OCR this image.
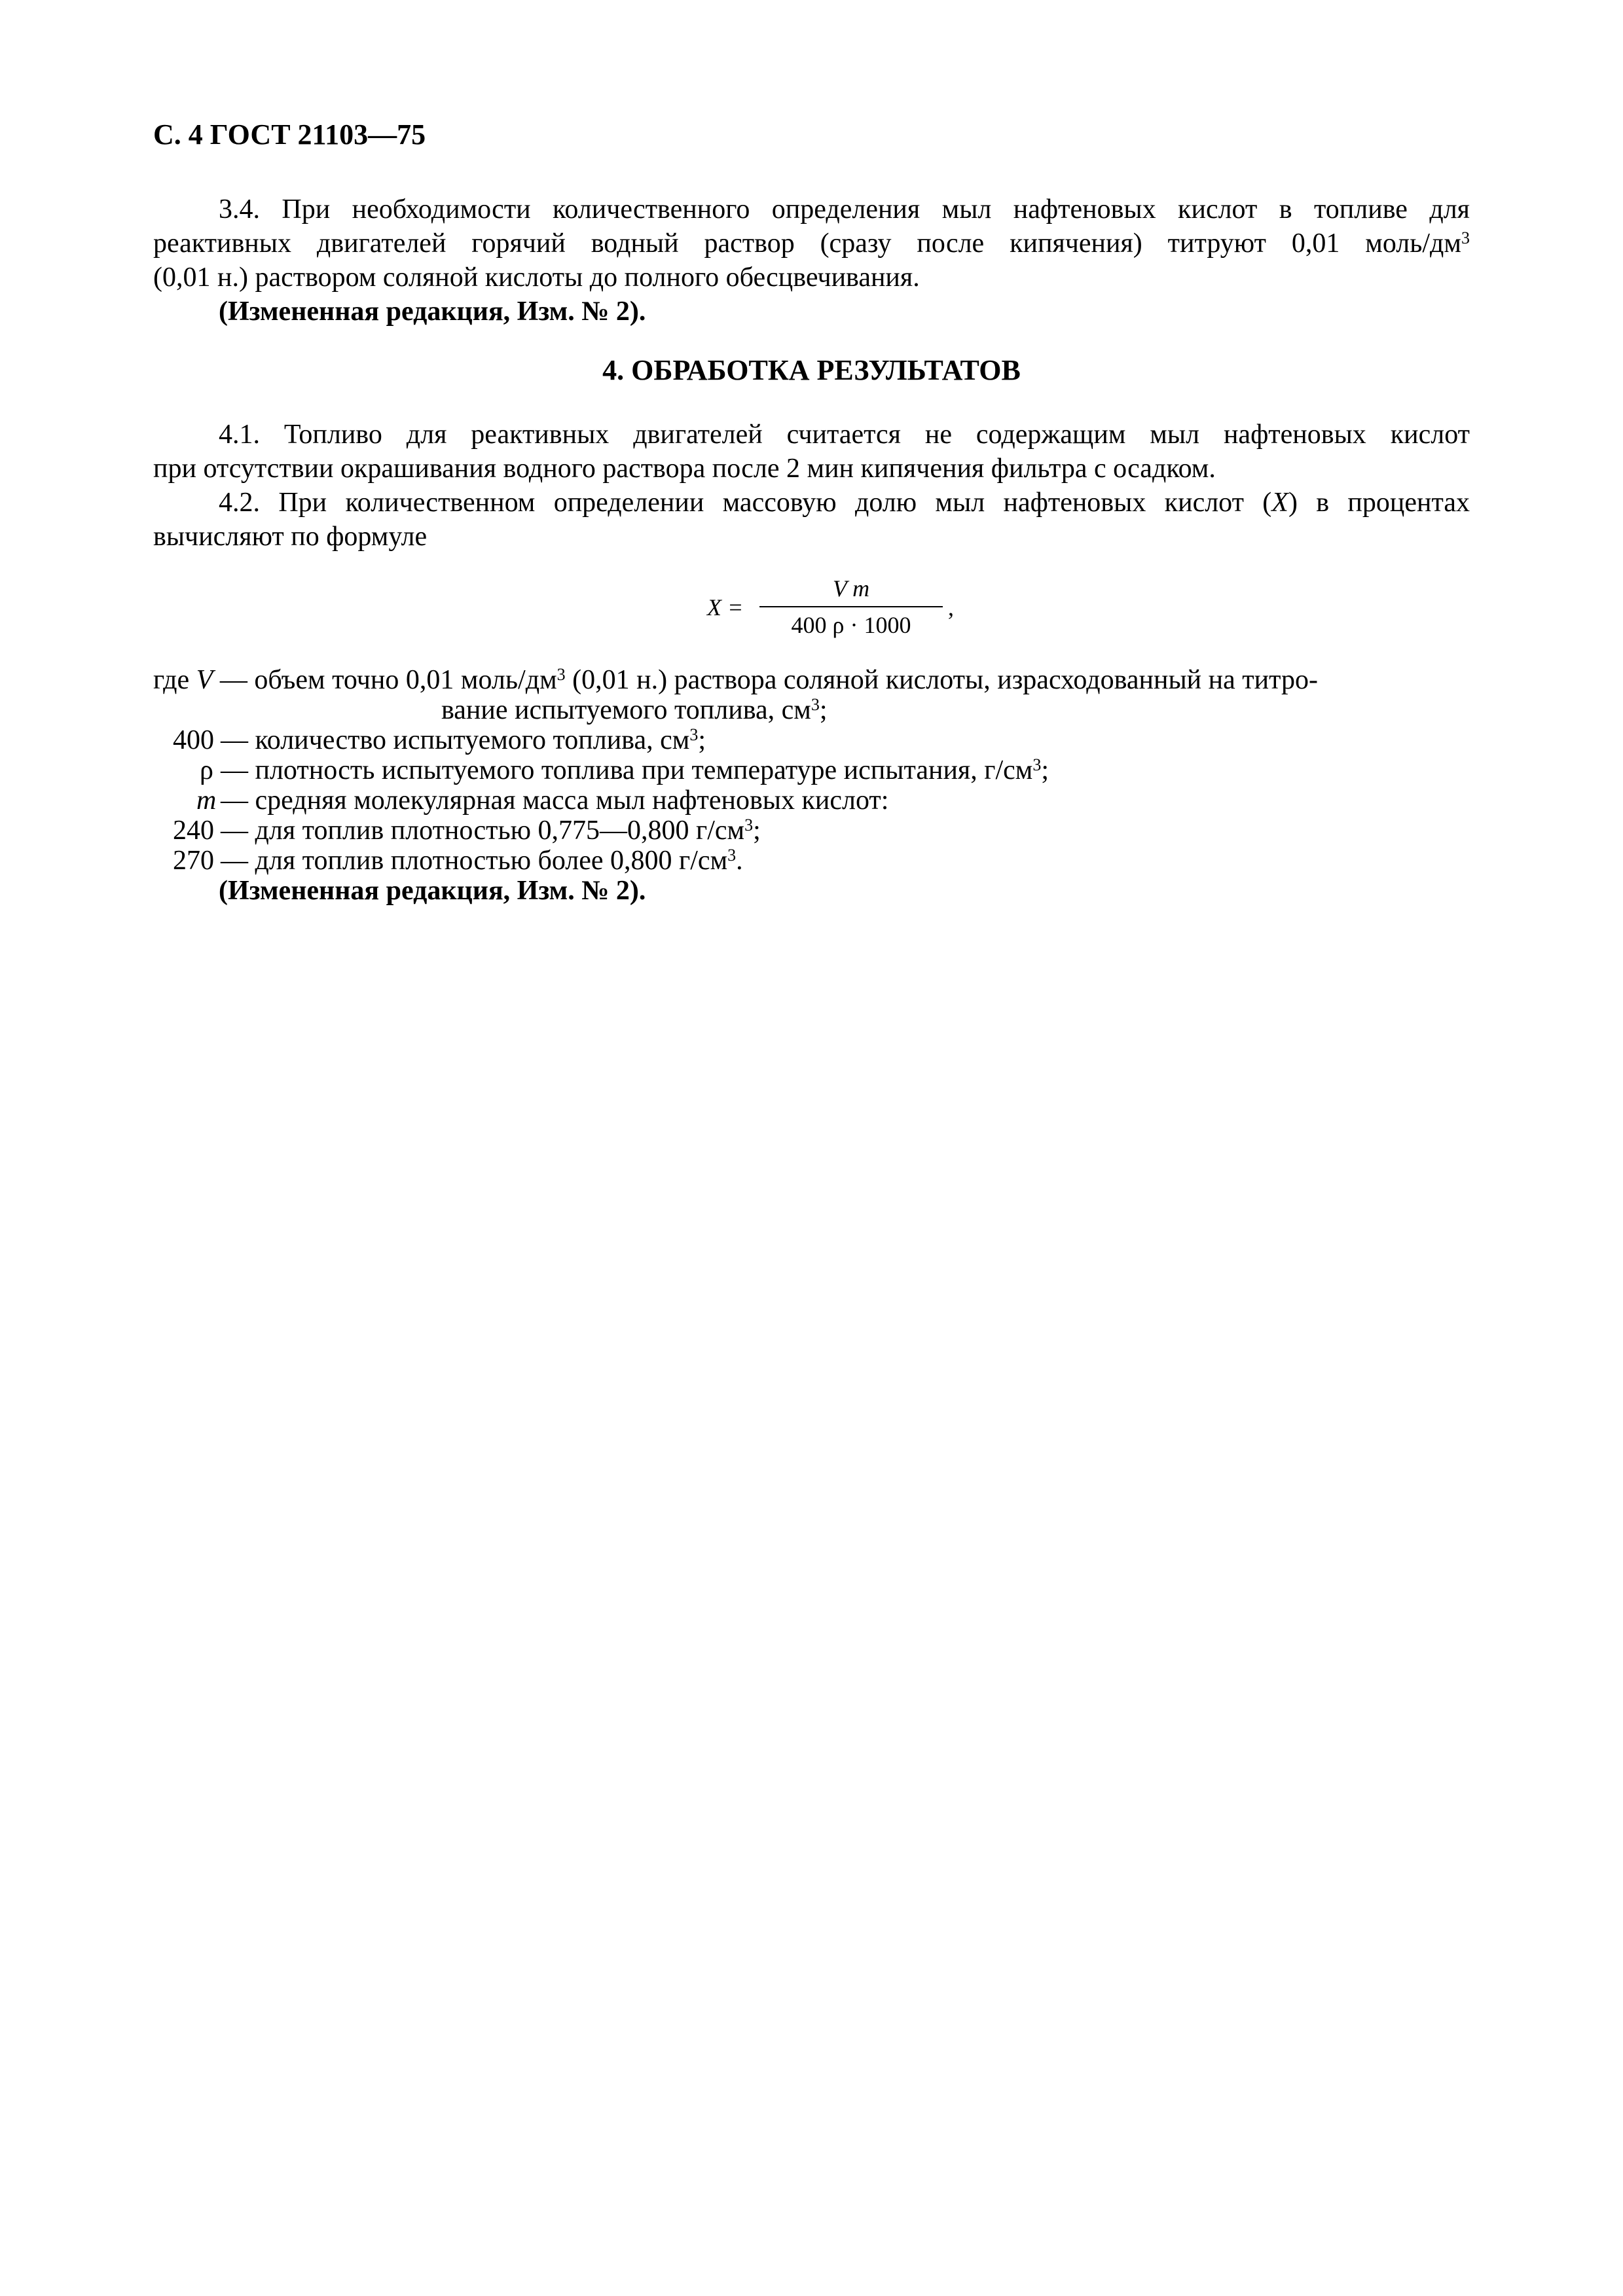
С. 4 ГОСТ 21103—75
3.4. При необходимости количественного определения мыл нафтеновых кислот в топливе для
реактивных двигателей горячий водный раствор (сразу после кипячения) титруют 0,01 моль/$дм^3$
(0,01 н.) раствором соляной кислоты до полного обесцвечивания.
(Измененная редакция, Изм. № 2).
4. ОБРАБОТКА РЕЗУЛЬТАТОВ
4.1. Топливо для реактивных двигателей считается не содержащим мыл нафтеновых кислот
при отсутствии окрашивания водного раствора после 2 мин кипячения фильтра с осадком.
4.2. При количественном определении массовую долю мыл нафтеновых кислот (X) в процентах
вычисляют по формуле
X =
V m
400 ρ · 1000
,
где V — объем точно 0,01 моль/$дм^3$ (0,01 н.) раствора соляной кислоты, израсходованный на титро-
вание испытуемого топлива, $см^3$;
400 — количество испытуемого топлива, $см^3$;
ρ — плотность испытуемого топлива при температуре испытания, $г/см^3$;
m — средняя молекулярная масса мыл нафтеновых кислот:
240 — для топлив плотностью 0,775—0,800 $г/см^3$;
270 — для топлив плотностью более 0,800 $г/см^3$.
(Измененная редакция, Изм. № 2).
